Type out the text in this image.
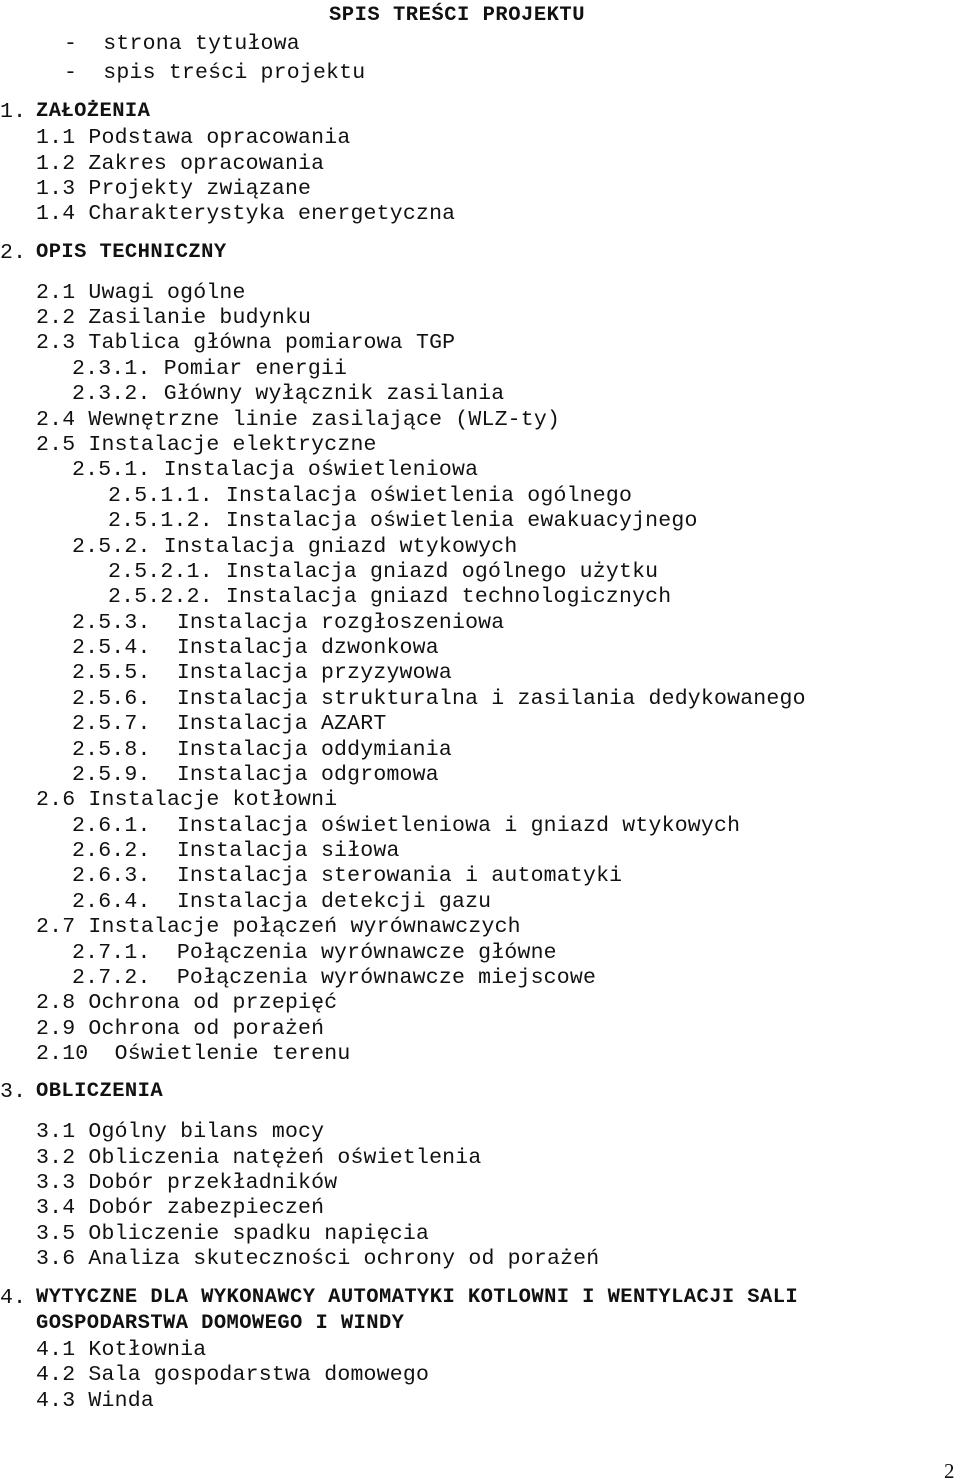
SPIS TREŚCI PROJEKTU
-  strona tytułowa
-  spis treści projektu
1. ZAŁOŻENIA
1.1 Podstawa opracowania
1.2 Zakres opracowania
1.3 Projekty związane
1.4 Charakterystyka energetyczna
2. OPIS TECHNICZNY
2.1 Uwagi ogólne
2.2 Zasilanie budynku
2.3 Tablica główna pomiarowa TGP
2.3.1. Pomiar energii
2.3.2. Główny wyłącznik zasilania
2.4 Wewnętrzne linie zasilające (WLZ-ty)
2.5 Instalacje elektryczne
2.5.1. Instalacja oświetleniowa
2.5.1.1. Instalacja oświetlenia ogólnego
2.5.1.2. Instalacja oświetlenia ewakuacyjnego
2.5.2. Instalacja gniazd wtykowych
2.5.2.1. Instalacja gniazd ogólnego użytku
2.5.2.2. Instalacja gniazd technologicznych
2.5.3.  Instalacja rozgłoszeniowa
2.5.4.  Instalacja dzwonkowa
2.5.5.  Instalacja przyzywowa
2.5.6.  Instalacja strukturalna i zasilania dedykowanego
2.5.7.  Instalacja AZART
2.5.8.  Instalacja oddymiania
2.5.9.  Instalacja odgromowa
2.6 Instalacje kotłowni
2.6.1.  Instalacja oświetleniowa i gniazd wtykowych
2.6.2.  Instalacja siłowa
2.6.3.  Instalacja sterowania i automatyki
2.6.4.  Instalacja detekcji gazu
2.7 Instalacje połączeń wyrównawczych
2.7.1.  Połączenia wyrównawcze główne
2.7.2.  Połączenia wyrównawcze miejscowe
2.8 Ochrona od przepięć
2.9 Ochrona od porażeń
2.10  Oświetlenie terenu
3. OBLICZENIA
3.1 Ogólny bilans mocy
3.2 Obliczenia natężeń oświetlenia
3.3 Dobór przekładników
3.4 Dobór zabezpieczeń
3.5 Obliczenie spadku napięcia
3.6 Analiza skuteczności ochrony od porażeń
4. WYTYCZNE DLA WYKONAWCY AUTOMATYKI KOTLOWNI I WENTYLACJI SALI
GOSPODARSTWA DOMOWEGO I WINDY
4.1 Kotłownia
4.2 Sala gospodarstwa domowego
4.3 Winda
2
